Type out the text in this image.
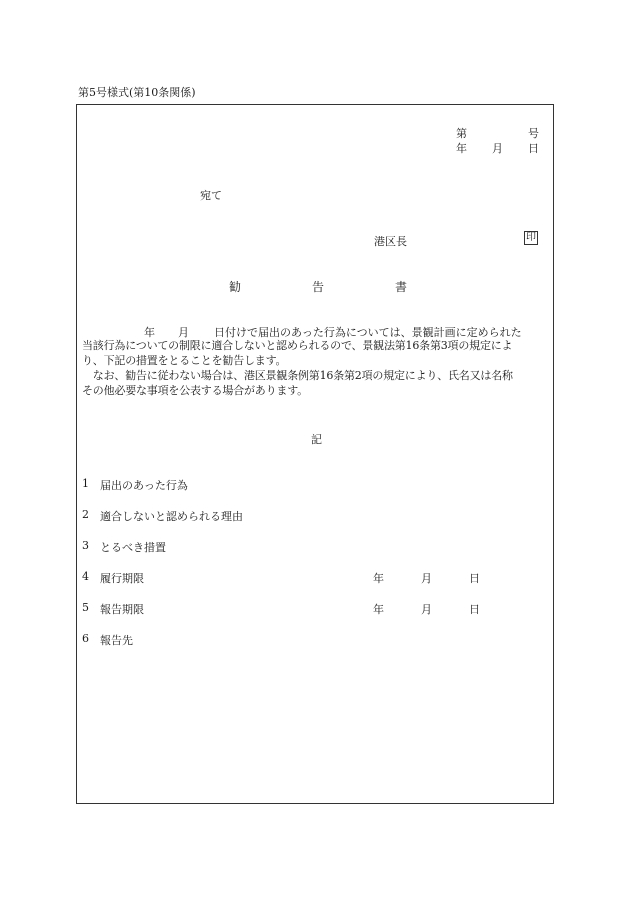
第5号様式(第10条関係)
第	号
年 月 日
宛て
港区長	印
勧	告	書
年 月 日付けで届出のあった行為については、景観計画に定められた
当該行為についての制限に適合しないと認められるので、景観法第16条第3項の規定によ
り、下記の措置をとることを勧告します。
　なお、勧告に従わない場合は、港区景観条例第16条第2項の規定により、氏名又は名称
その他必要な事項を公表する場合があります。
記
1 届出のあった行為
2 適合しないと認められる理由
3 とるべき措置
4 履行期限	年	月	日
5 報告期限	年	月	日
6 報告先
